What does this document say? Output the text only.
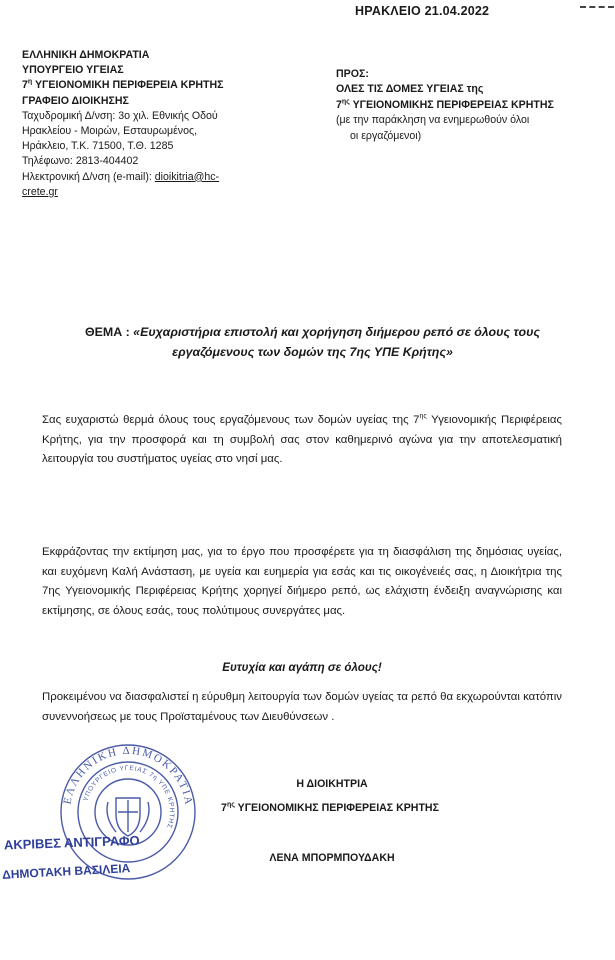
ΗΡΑΚΛΕΙΟ 21.04.2022
ΕΛΛΗΝΙΚΗ ΔΗΜΟΚΡΑΤΙΑ
ΥΠΟΥΡΓΕΙΟ ΥΓΕΙΑΣ
$7^\eta$ ΥΓΕΙΟΝΟΜΙΚΗ ΠΕΡΙΦΕΡΕΙΑ ΚΡΗΤΗΣ
ΓΡΑΦΕΙΟ ΔΙΟΙΚΗΣΗΣ
Ταχυδρομική Δ/νση: 3ο χιλ. Εθνικής Οδού
Ηρακλείου - Μοιρών, Εσταυρωμένος,
Ηράκλειο, Τ.Κ. 71500, Τ.Θ. 1285
Τηλέφωνο: 2813-404402
Ηλεκτρονική Δ/νση (e-mail): dioikitria@hc-
crete.gr
ΠΡΟΣ:
ΟΛΕΣ ΤΙΣ ΔΟΜΕΣ ΥΓΕΙΑΣ της
$7^{\eta\varsigma}$ ΥΓΕΙΟΝΟΜΙΚΗΣ ΠΕΡΙΦΕΡΕΙΑΣ ΚΡΗΤΗΣ
(με την παράκληση να ενημερωθούν όλοι
οι εργαζόμενοι)
ΘΕΜΑ : «Ευχαριστήρια επιστολή και χορήγηση διήμερου ρεπό σε όλους τους
εργαζόμενους των δομών της 7ης ΥΠΕ Κρήτης»
Σας ευχαριστώ θερμά όλους τους εργαζόμενους των δομών υγείας της $7^{\eta\varsigma}$ Υγειονομικής Περιφέρειας Κρήτης, για την προσφορά και τη συμβολή σας στον καθημερινό αγώνα για την αποτελεσματική λειτουργία του συστήματος υγείας στο νησί μας.
Εκφράζοντας την εκτίμηση μας, για το έργο που προσφέρετε για τη διασφάλιση της δημόσιας υγείας, και ευχόμενη Καλή Ανάσταση, με υγεία και ευημερία για εσάς και τις οικογένειές σας, η Διοικήτρια της 7ης Υγειονομικής Περιφέρειας Κρήτης χορηγεί διήμερο ρεπό, ως ελάχιστη ένδειξη αναγνώρισης και εκτίμησης, σε όλους εσάς, τους πολύτιμους συνεργάτες μας.
Ευτυχία και αγάπη σε όλους!
Προκειμένου να διασφαλιστεί η εύρυθμη λειτουργία των δομών υγείας τα ρεπό θα εκχωρούνται κατόπιν συνεννοήσεως με τους Προϊσταμένους των Διευθύνσεων .
Η ΔΙΟΙΚΗΤΡΙΑ
$7^{\eta\varsigma}$ ΥΓΕΙΟΝΟΜΙΚΗΣ ΠΕΡΙΦΕΡΕΙΑΣ ΚΡΗΤΗΣ
ΛΕΝΑ ΜΠΟΡΜΠΟΥΔΑΚΗ
ΕΛΛΗΝΙΚΗ ΔΗΜΟΚΡΑΤΙΑ
ΥΠΟΥΡΓΕΙΟ ΥΓΕΙΑΣ 7η ΥΠΕ ΚΡΗΤΗΣ
ΑΚΡΙΒΕΣ ΑΝΤΙΓΡΑΦΟ
ΔΗΜΟΤΑΚΗ ΒΑΣΙΛΕΙΑ
